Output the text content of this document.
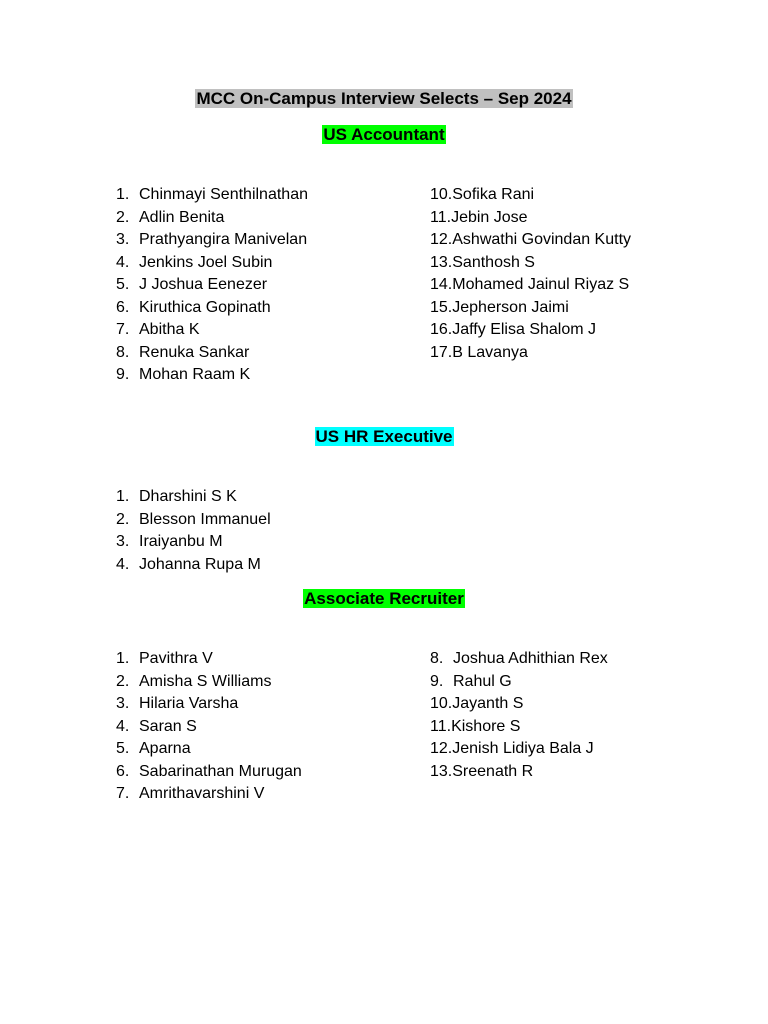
MCC On-Campus Interview Selects – Sep 2024
US Accountant
1. Chinmayi Senthilnathan
2. Adlin Benita
3. Prathyangira Manivelan
4. Jenkins Joel Subin
5. J Joshua Eenezer
6. Kiruthica Gopinath
7. Abitha K
8. Renuka Sankar
9. Mohan Raam K
10. Sofika Rani
11. Jebin Jose
12. Ashwathi Govindan Kutty
13. Santhosh S
14. Mohamed Jainul Riyaz S
15. Jepherson Jaimi
16. Jaffy Elisa Shalom J
17. B Lavanya
US HR Executive
1. Dharshini S K
2. Blesson Immanuel
3. Iraiyanbu M
4. Johanna Rupa M
Associate Recruiter
1. Pavithra V
2. Amisha S Williams
3. Hilaria Varsha
4. Saran S
5. Aparna
6. Sabarinathan Murugan
7. Amrithavarshini V
8. Joshua Adhithian Rex
9. Rahul G
10. Jayanth S
11. Kishore S
12. Jenish Lidiya Bala J
13. Sreenath R
